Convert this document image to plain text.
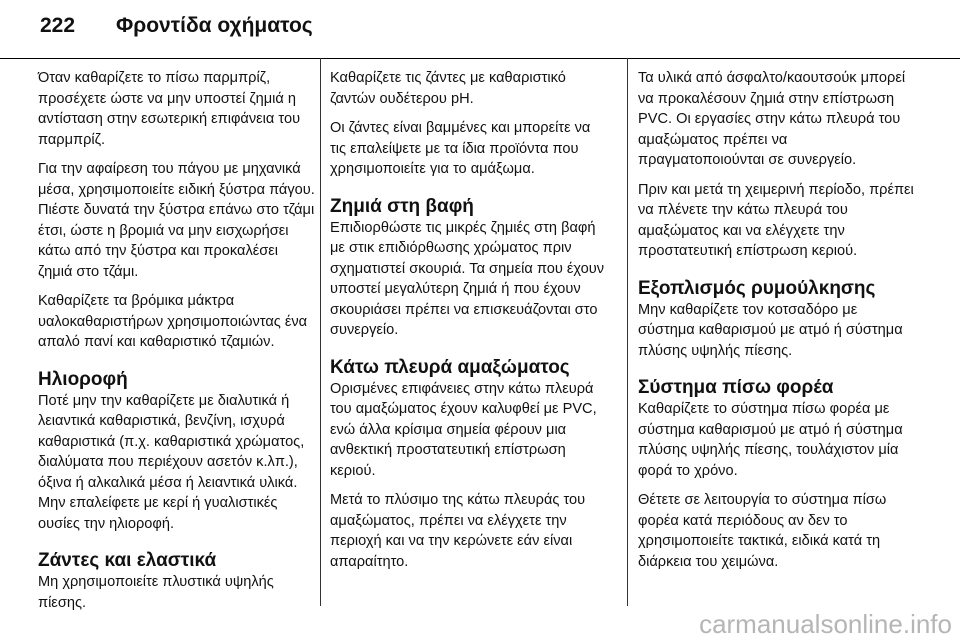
222 Φροντίδα οχήματος

Όταν καθαρίζετε το πίσω παρμπρίζ, προσέχετε ώστε να μην υποστεί ζημιά η αντίσταση στην εσωτερική επιφάνεια του παρμπρίζ.

Για την αφαίρεση του πάγου με μηχανικά μέσα, χρησιμοποιείτε ειδική ξύστρα πάγου. Πιέστε δυνατά την ξύστρα επάνω στο τζάμι έτσι, ώστε η βρομιά να μην εισχωρήσει κάτω από την ξύστρα και προκαλέσει ζημιά στο τζάμι.

Καθαρίζετε τα βρόμικα μάκτρα υαλοκαθαριστήρων χρησιμοποιώντας ένα απαλό πανί και καθαριστικό τζαμιών.

Ηλιοροφή

Ποτέ μην την καθαρίζετε με διαλυτικά ή λειαντικά καθαριστικά, βενζίνη, ισχυρά καθαριστικά (π.χ. καθαριστικά χρώματος, διαλύματα που περιέχουν ασετόν κ.λπ.), όξινα ή αλκαλικά μέσα ή λειαντικά υλικά. Μην επαλείφετε με κερί ή γυαλιστικές ουσίες την ηλιοροφή.

Ζάντες και ελαστικά

Μη χρησιμοποιείτε πλυστικά υψηλής πίεσης.

Καθαρίζετε τις ζάντες με καθαριστικό ζαντών ουδέτερου pH.

Οι ζάντες είναι βαμμένες και μπορείτε να τις επαλείψετε με τα ίδια προϊόντα που χρησιμοποιείτε για το αμάξωμα.

Ζημιά στη βαφή

Επιδιορθώστε τις μικρές ζημιές στη βαφή με στικ επιδιόρθωσης χρώματος πριν σχηματιστεί σκουριά. Τα σημεία που έχουν υποστεί μεγαλύτερη ζημιά ή που έχουν σκουριάσει πρέπει να επισκευάζονται στο συνεργείο.

Κάτω πλευρά αμαξώματος

Ορισμένες επιφάνειες στην κάτω πλευρά του αμαξώματος έχουν καλυφθεί με PVC, ενώ άλλα κρίσιμα σημεία φέρουν μια ανθεκτική προστατευτική επίστρωση κεριού.

Μετά το πλύσιμο της κάτω πλευράς του αμαξώματος, πρέπει να ελέγχετε την περιοχή και να την κερώνετε εάν είναι απαραίτητο.

Τα υλικά από άσφαλτο/καουτσούκ μπορεί να προκαλέσουν ζημιά στην επίστρωση PVC. Οι εργασίες στην κάτω πλευρά του αμαξώματος πρέπει να πραγματοποιούνται σε συνεργείο.

Πριν και μετά τη χειμερινή περίοδο, πρέπει να πλένετε την κάτω πλευρά του αμαξώματος και να ελέγχετε την προστατευτική επίστρωση κεριού.

Εξοπλισμός ρυμούλκησης

Μην καθαρίζετε τον κοτσαδόρο με σύστημα καθαρισμού με ατμό ή σύστημα πλύσης υψηλής πίεσης.

Σύστημα πίσω φορέα

Καθαρίζετε το σύστημα πίσω φορέα με σύστημα καθαρισμού με ατμό ή σύστημα πλύσης υψηλής πίεσης, τουλάχιστον μία φορά το χρόνο.

Θέτετε σε λειτουργία το σύστημα πίσω φορέα κατά περιόδους αν δεν το χρησιμοποιείτε τακτικά, ειδικά κατά τη διάρκεια του χειμώνα.

carmanualsonline.info
